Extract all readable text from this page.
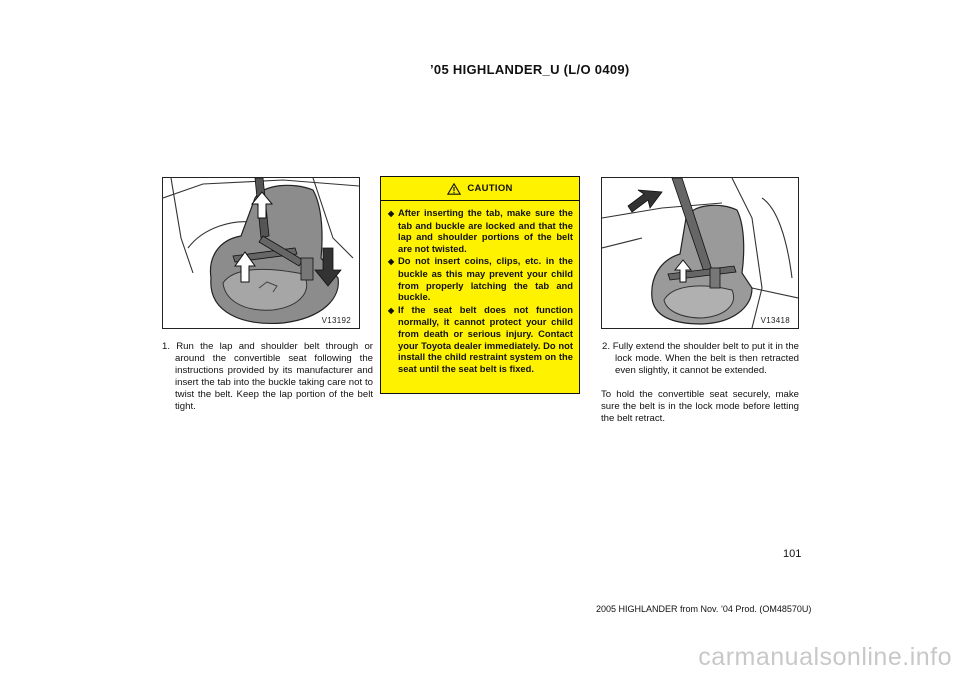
’05 HIGHLANDER_U (L/O 0409)
V13192
1. Run the lap and shoulder belt through or around the convertible seat following the instructions provided by its manufacturer and insert the tab into the buckle taking care not to twist the belt. Keep the lap portion of the belt tight.
CAUTION
◆ After inserting the tab, make sure the tab and buckle are locked and that the lap and shoulder portions of the belt are not twisted.
◆ Do not insert coins, clips, etc. in the buckle as this may prevent your child from properly latching the tab and buckle.
◆ If the seat belt does not function normally, it cannot protect your child from death or serious injury. Contact your Toyota dealer immediately. Do not install the child restraint system on the seat until the seat belt is fixed.
V13418
2. Fully extend the shoulder belt to put it in the lock mode. When the belt is then retracted even slightly, it cannot be extended.
To hold the convertible seat securely, make sure the belt is in the lock mode before letting the belt retract.
101
2005 HIGHLANDER from Nov. ’04 Prod. (OM48570U)
carmanualsonline.info
